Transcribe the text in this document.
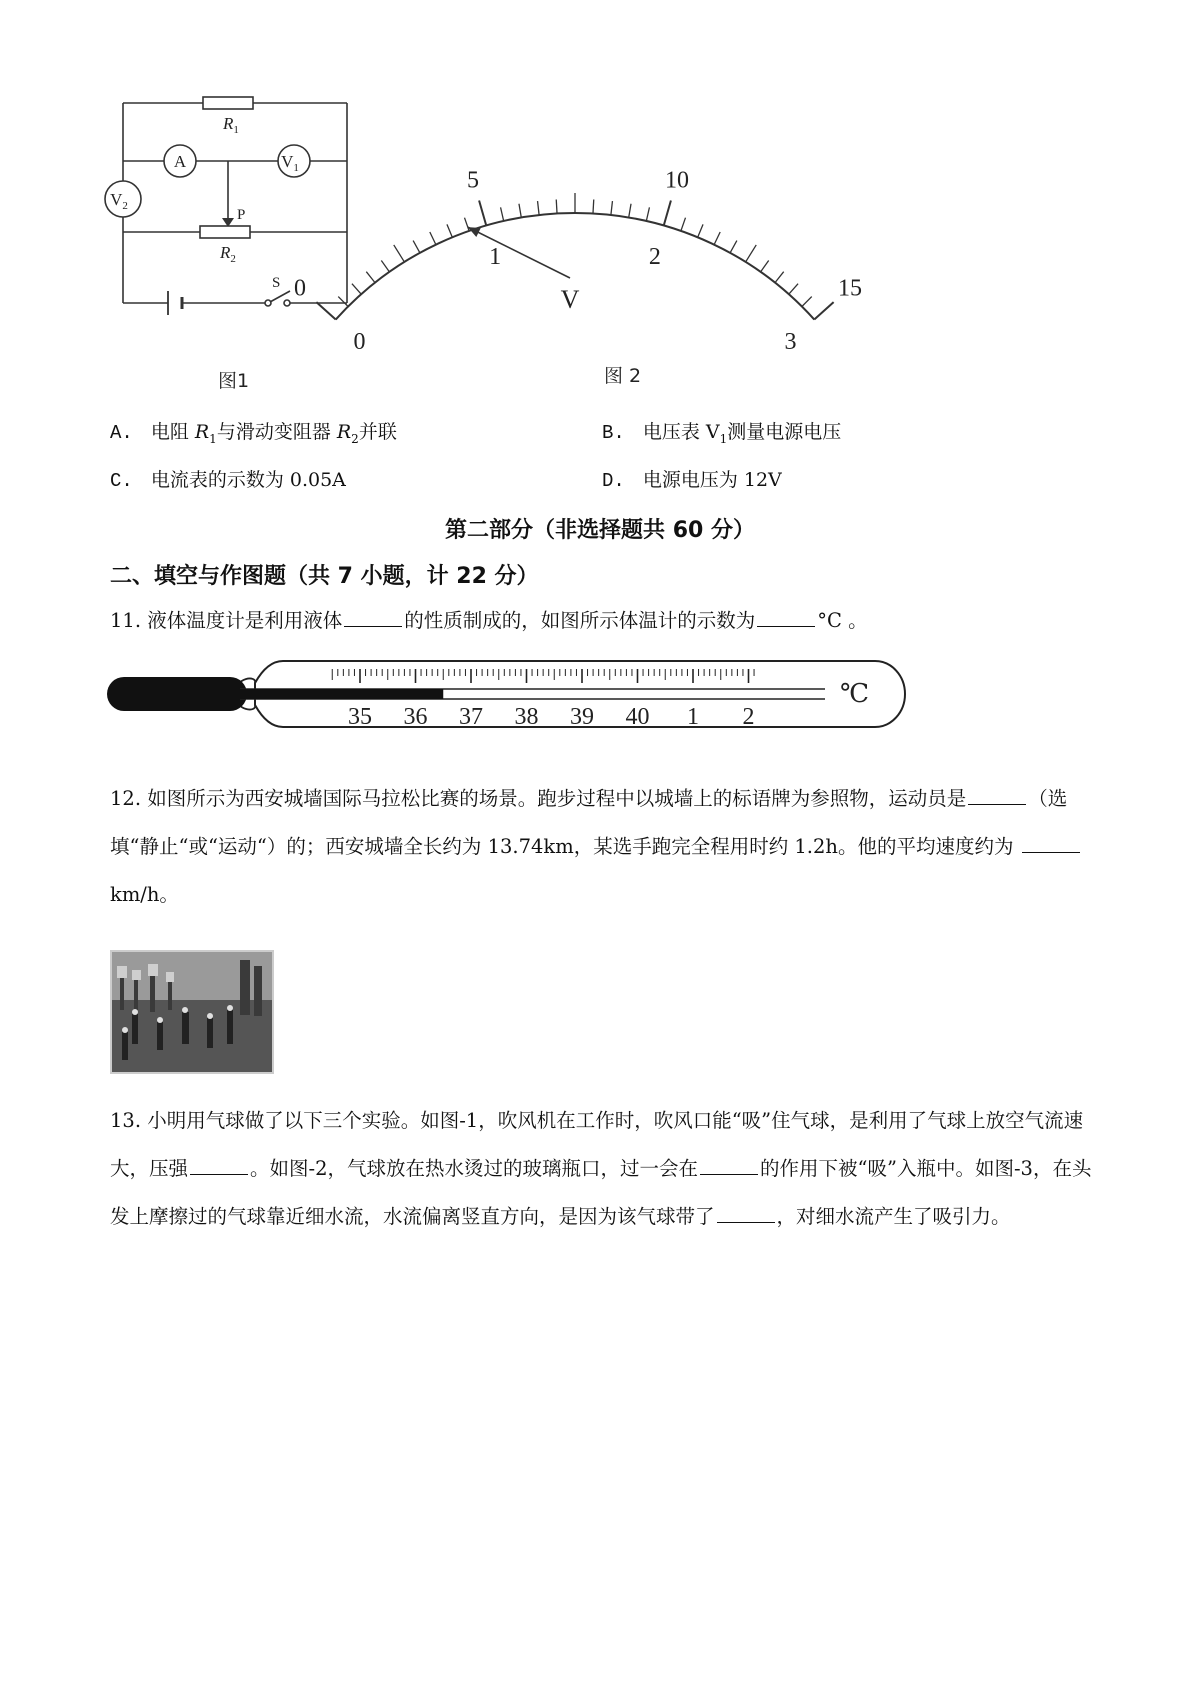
A	$V_1$
$V_2$
$R_1$
$R_2$
P
S
图1
0
5	10
15
0
1	2
3
V
图 2
A. 电阻 $R_1$与滑动变阻器 $R_2$并联	B. 电压表 $V_1$测量电源电压
C. 电流表的示数为 0.05A	D. 电源电压为 12V
第二部分（非选择题共 60 分）
二、填空与作图题（共 7 小题，计 22 分）
11. 液体温度计是利用液体	的性质制成的，如图所示体温计的示数为	°C 。
35 36 37 38 39 40 1 2
℃
12. 如图所示为西安城墙国际马拉松比赛的场景。跑步过程中以城墙上的标语牌为参照物，运动员是	（选填“静止“或“运动“）的；西安城墙全长约为 13.74km，某选手跑完全程用时约 1.2h。他的平均速度约为  km/h。
13. 小明用气球做了以下三个实验。如图-1，吹风机在工作时，吹风口能“吸”住气球，是利用了气球上放空气流速大，压强	。如图-2，气球放在热水烫过的玻璃瓶口，过一会在	的作用下被“吸”入瓶中。如图-3，在头发上摩擦过的气球靠近细水流，水流偏离竖直方向，是因为该气球带了	，对细水流产生了吸引力。
